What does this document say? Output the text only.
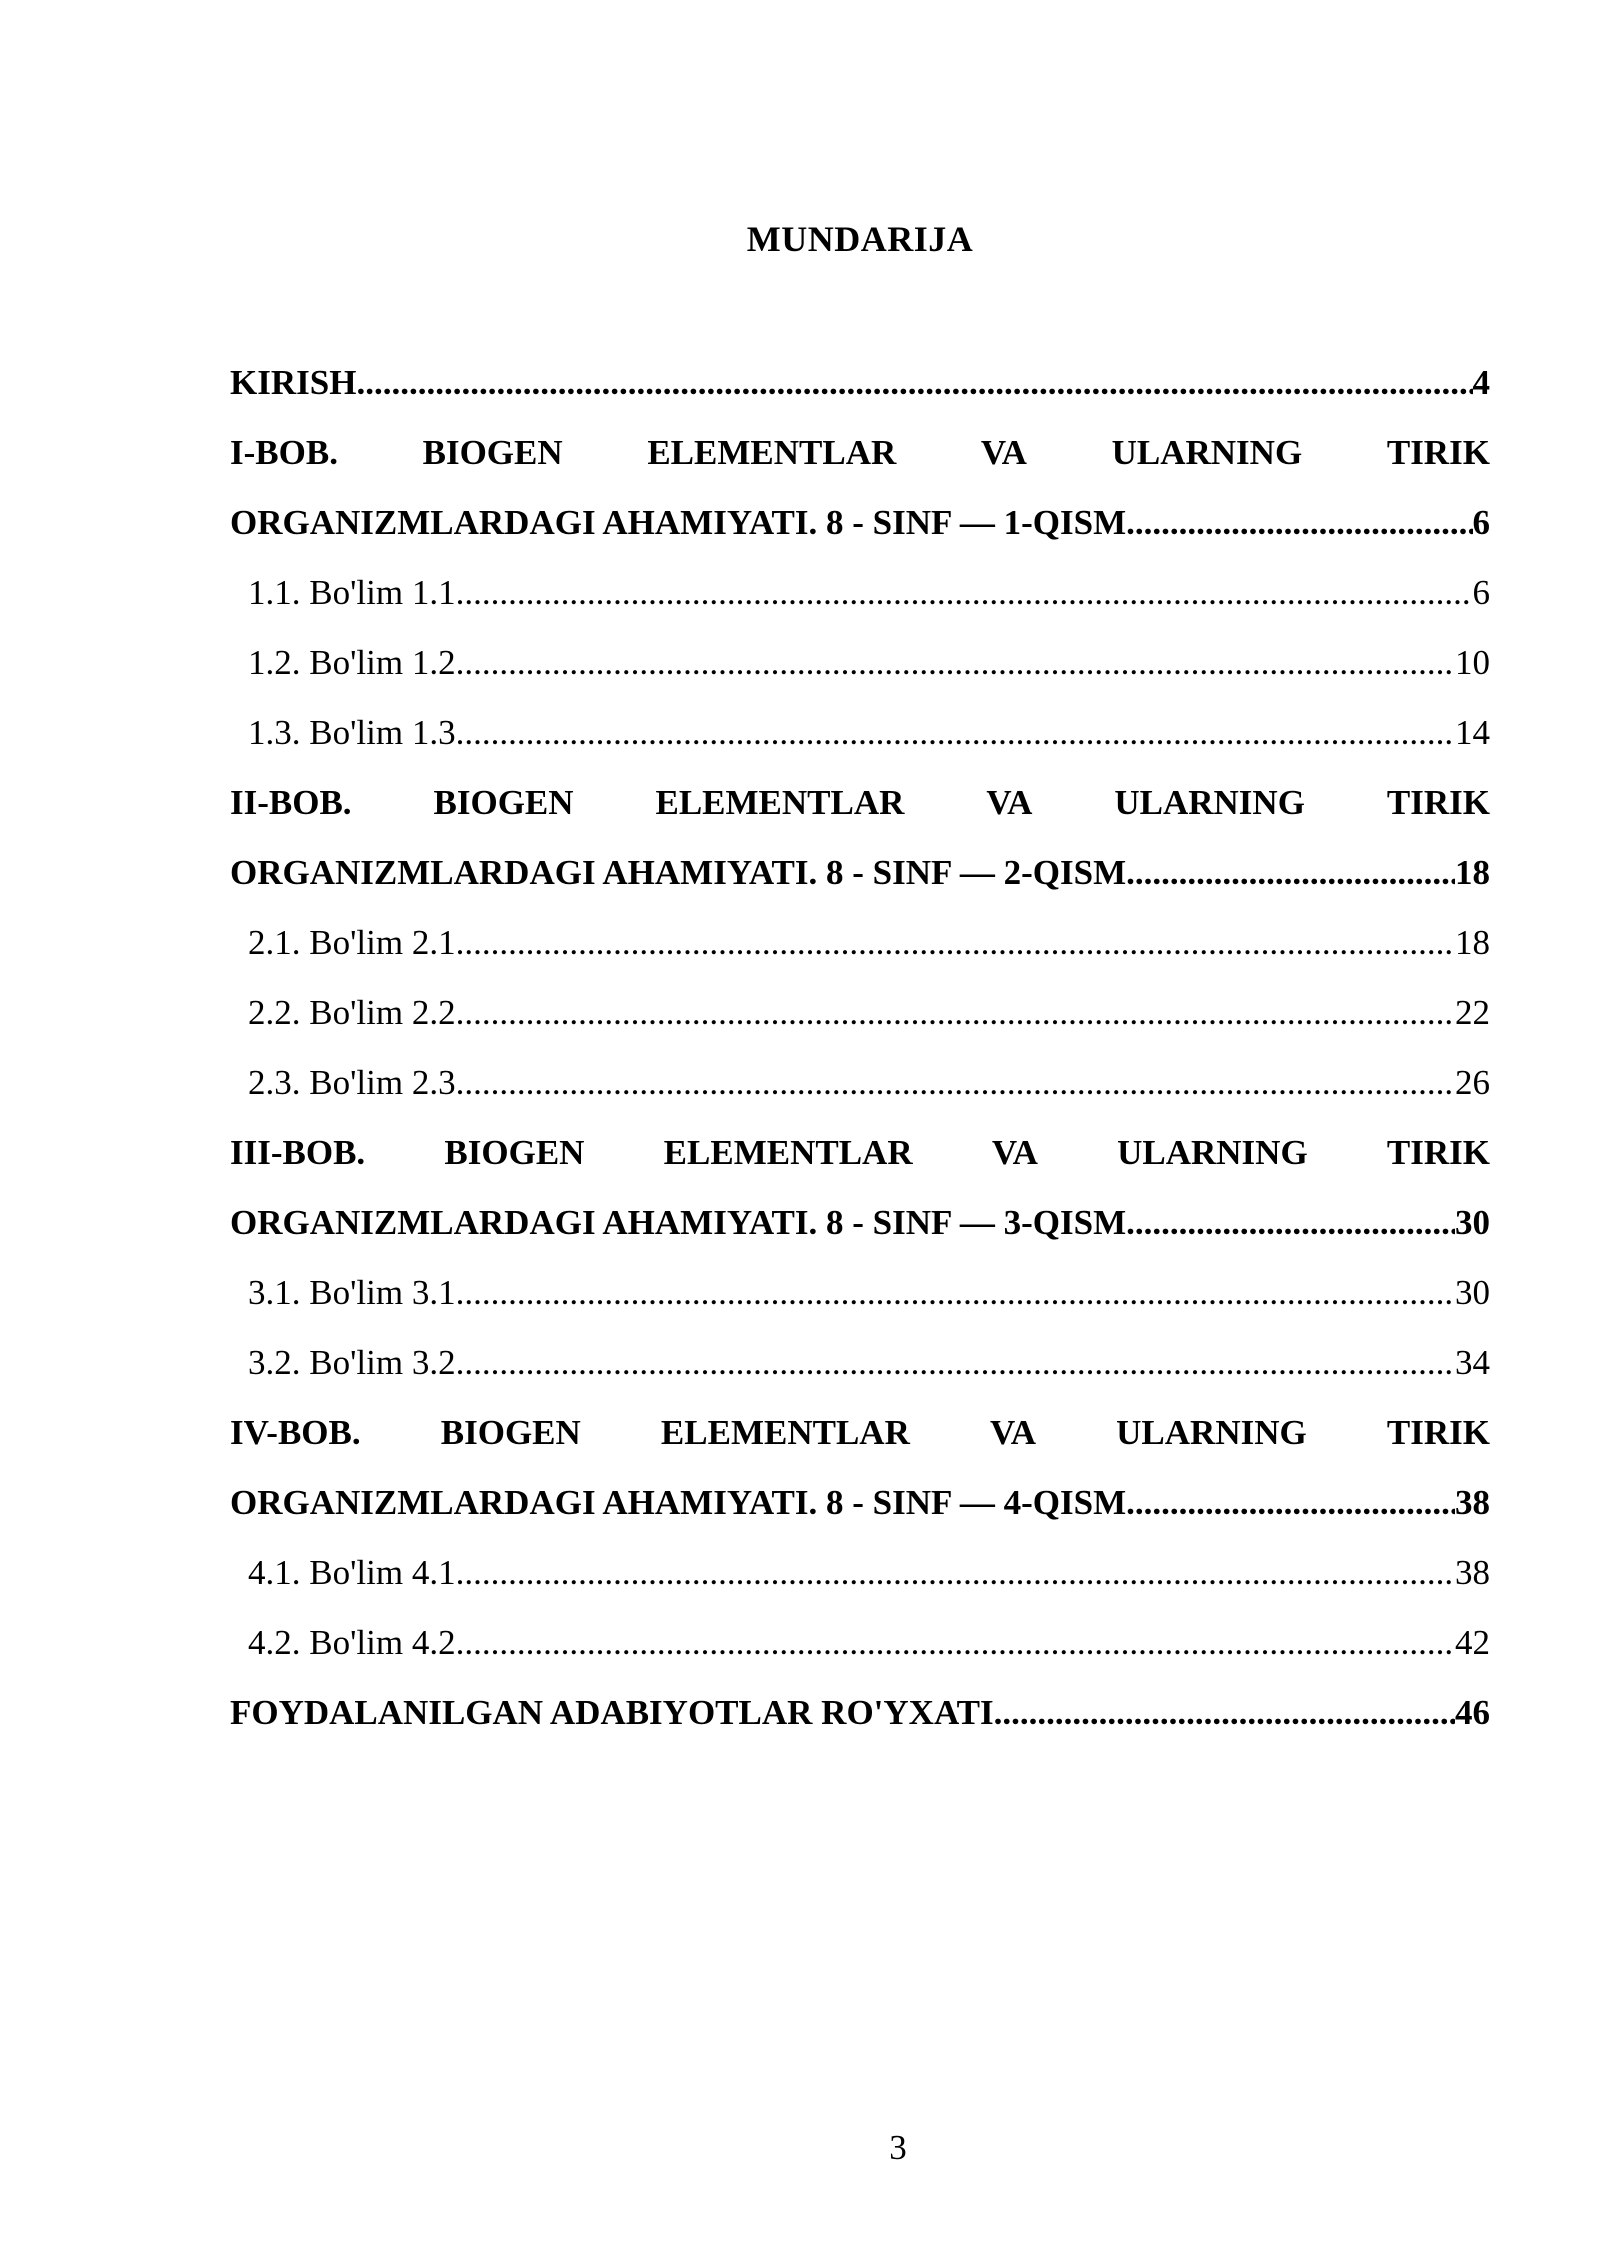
MUNDARIJA
KIRISH .....	4
I-BOB. BIOGEN ELEMENTLAR VA ULARNING TIRIK
ORGANIZMLARDAGI AHAMIYATI. 8 - SINF — 1-QISM .....	6
1.1. Bo'lim 1.1 .....	6
1.2. Bo'lim 1.2 .....	10
1.3. Bo'lim 1.3 .....	14
II-BOB. BIOGEN ELEMENTLAR VA ULARNING TIRIK
ORGANIZMLARDAGI AHAMIYATI. 8 - SINF — 2-QISM .....	18
2.1. Bo'lim 2.1 .....	18
2.2. Bo'lim 2.2 .....	22
2.3. Bo'lim 2.3 .....	26
III-BOB. BIOGEN ELEMENTLAR VA ULARNING TIRIK
ORGANIZMLARDAGI AHAMIYATI. 8 - SINF — 3-QISM .....	30
3.1. Bo'lim 3.1 .....	30
3.2. Bo'lim 3.2 .....	34
IV-BOB. BIOGEN ELEMENTLAR VA ULARNING TIRIK
ORGANIZMLARDAGI AHAMIYATI. 8 - SINF — 4-QISM .....	38
4.1. Bo'lim 4.1 .....	38
4.2. Bo'lim 4.2 .....	42
FOYDALANILGAN ADABIYOTLAR RO'YXATI .....	46
3
